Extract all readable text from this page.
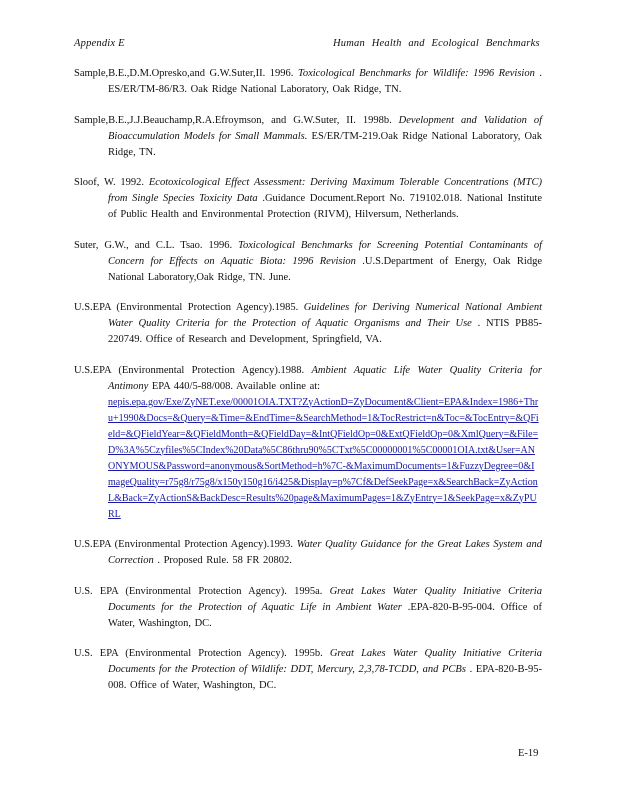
Appendix E	Human Health and Ecological Benchmarks
Sample,B.E.,D.M.Opresko,and G.W.Suter,II. 1996. Toxicological Benchmarks for Wildlife: 1996 Revision . ES/ER/TM-86/R3. Oak Ridge National Laboratory, Oak Ridge, TN.
Sample,B.E.,J.J.Beauchamp,R.A.Efroymson, and G.W.Suter, II. 1998b. Development and Validation of Bioaccumulation Models for Small Mammals. ES/ER/TM-219.Oak Ridge National Laboratory, Oak Ridge, TN.
Sloof, W. 1992. Ecotoxicological Effect Assessment: Deriving Maximum Tolerable Concentrations (MTC) from Single Species Toxicity Data .Guidance Document.Report No. 719102.018. National Institute of Public Health and Environmental Protection (RIVM), Hilversum, Netherlands.
Suter, G.W., and C.L. Tsao. 1996. Toxicological Benchmarks for Screening Potential Contaminants of Concern for Effects on Aquatic Biota: 1996 Revision .U.S.Department of Energy, Oak Ridge National Laboratory,Oak Ridge, TN. June.
U.S.EPA (Environmental Protection Agency).1985. Guidelines for Deriving Numerical National Ambient Water Quality Criteria for the Protection of Aquatic Organisms and Their Use . NTIS PB85-220749. Office of Research and Development, Springfield, VA.
U.S.EPA (Environmental Protection Agency).1988. Ambient Aquatic Life Water Quality Criteria for Antimony EPA 440/5-88/008. Available online at:
nepis.epa.gov/Exe/ZyNET.exe/00001OIA.TXT?ZyActionD=ZyDocument&Client=EPA&Index=1986+Thru+1990&Docs=&Query=&Time=&EndTime=&SearchMethod=1&TocRestrict=n&Toc=&TocEntry=&QField=&QFieldYear=&QFieldMonth=&QFieldDay=&IntQFieldOp=0&ExtQFieldOp=0&XmlQuery=&File=D%3A%5Czyfiles%5CIndex%20Data%5C86thru90%5CTxt%5C00000001%5C00001OIA.txt&User=ANONYMOUS&Password=anonymous&SortMethod=h%7C-&MaximumDocuments=1&FuzzyDegree=0&ImageQuality=r75g8/r75g8/x150y150g16/i425&Display=p%7Cf&DefSeekPage=x&SearchBack=ZyActionL&Back=ZyActionS&BackDesc=Results%20page&MaximumPages=1&ZyEntry=1&SeekPage=x&ZyPURL
U.S.EPA (Environmental Protection Agency).1993. Water Quality Guidance for the Great Lakes System and Correction . Proposed Rule. 58 FR 20802.
U.S. EPA (Environmental Protection Agency). 1995a. Great Lakes Water Quality Initiative Criteria Documents for the Protection of Aquatic Life in Ambient Water .EPA-820-B-95-004. Office of Water, Washington, DC.
U.S. EPA (Environmental Protection Agency). 1995b. Great Lakes Water Quality Initiative Criteria Documents for the Protection of Wildlife: DDT, Mercury, 2,3,78-TCDD, and PCBs . EPA-820-B-95-008. Office of Water, Washington, DC.
E-19
